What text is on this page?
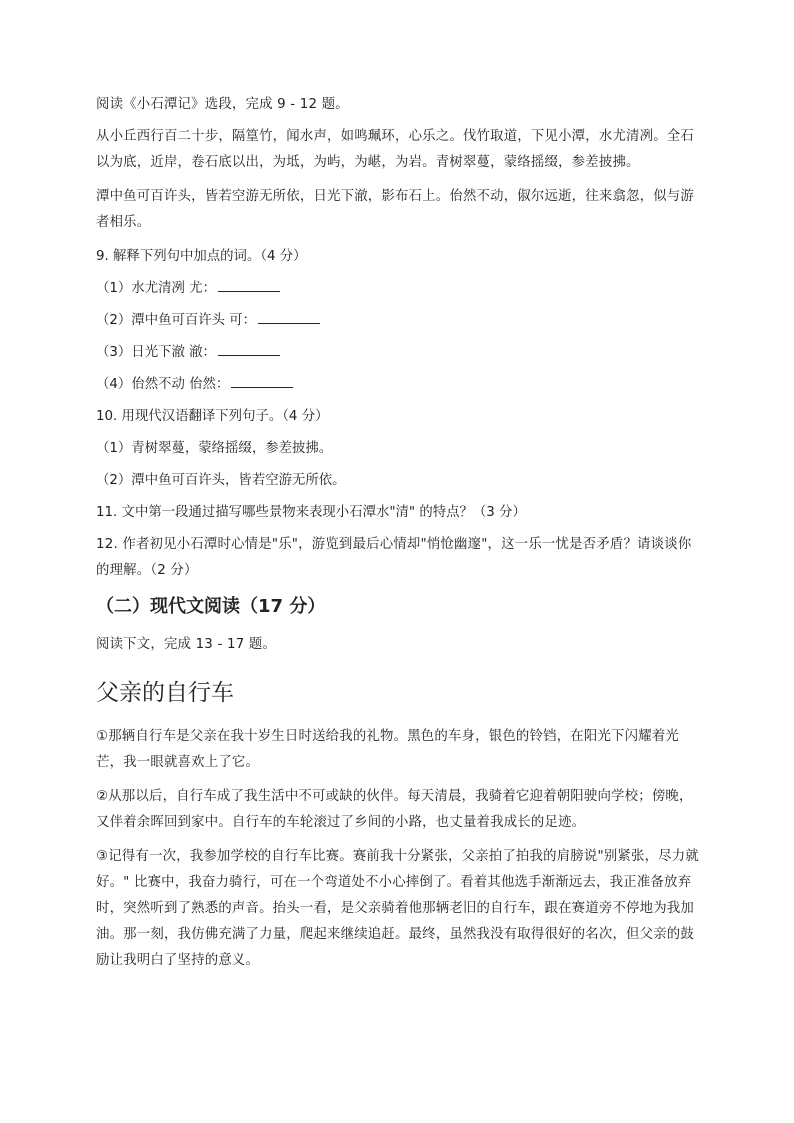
阅读《小石潭记》选段，完成 9 - 12 题。

从小丘西行百二十步，隔篁竹，闻水声，如鸣珮环，心乐之。伐竹取道，下见小潭，水尤清冽。全石以为底，近岸，卷石底以出，为坻，为屿，为嵁，为岩。青树翠蔓，蒙络摇缀，参差披拂。

潭中鱼可百许头，皆若空游无所依，日光下澈，影布石上。佁然不动，俶尔远逝，往来翕忽，似与游者相乐。

9. 解释下列句中加点的词。（4 分）

（1）水尤清冽 尤：

（2）潭中鱼可百许头 可：

（3）日光下澈 澈：

（4）佁然不动 佁然：

10. 用现代汉语翻译下列句子。（4 分）

（1）青树翠蔓，蒙络摇缀，参差披拂。

（2）潭中鱼可百许头，皆若空游无所依。

11. 文中第一段通过描写哪些景物来表现小石潭水"清" 的特点？（3 分）

12. 作者初见小石潭时心情是"乐"，游览到最后心情却"悄怆幽邃"，这一乐一忧是否矛盾？请谈谈你的理解。（2 分）

（二）现代文阅读（17 分）

阅读下文，完成 13 - 17 题。

父亲的自行车

①那辆自行车是父亲在我十岁生日时送给我的礼物。黑色的车身，银色的铃铛，在阳光下闪耀着光芒，我一眼就喜欢上了它。

②从那以后，自行车成了我生活中不可或缺的伙伴。每天清晨，我骑着它迎着朝阳驶向学校；傍晚，又伴着余晖回到家中。自行车的车轮滚过了乡间的小路，也丈量着我成长的足迹。

③记得有一次，我参加学校的自行车比赛。赛前我十分紧张，父亲拍了拍我的肩膀说"别紧张，尽力就好。" 比赛中，我奋力骑行，可在一个弯道处不小心摔倒了。看着其他选手渐渐远去，我正准备放弃时，突然听到了熟悉的声音。抬头一看，是父亲骑着他那辆老旧的自行车，跟在赛道旁不停地为我加油。那一刻，我仿佛充满了力量，爬起来继续追赶。最终，虽然我没有取得很好的名次，但父亲的鼓励让我明白了坚持的意义。
